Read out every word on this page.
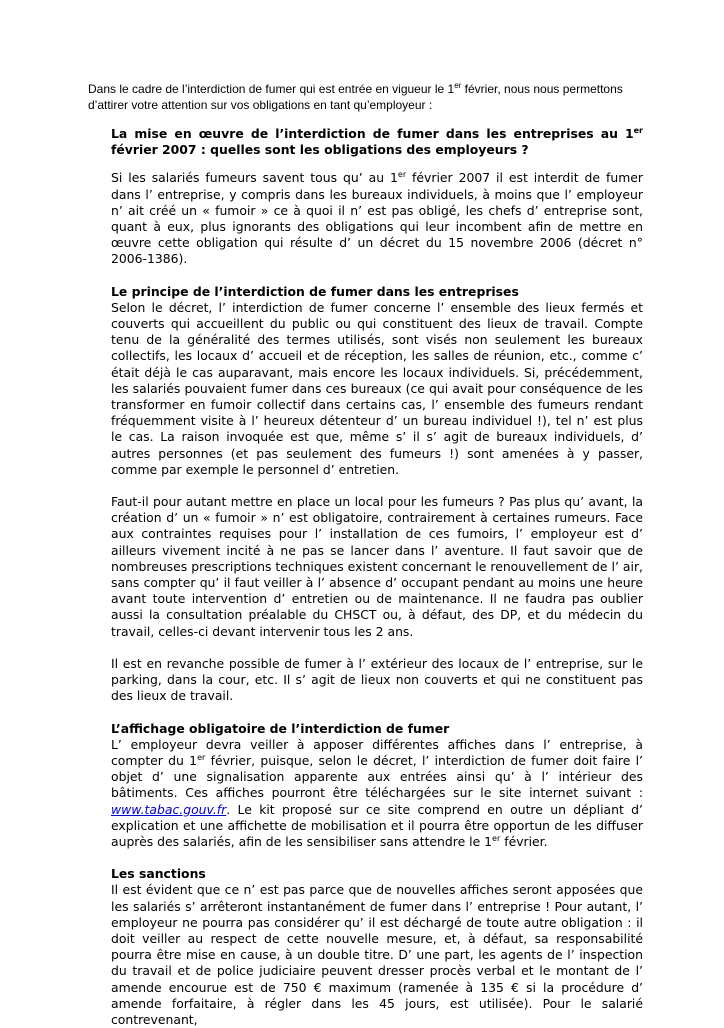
Dans le cadre de l’interdiction de fumer qui est entrée en vigueur le 1er février, nous nous permettons d’attirer votre attention sur vos obligations en tant qu’employeur :

La mise en œuvre de l’interdiction de fumer dans les entreprises au 1er février 2007 : quelles sont les obligations des employeurs ?

Si les salariés fumeurs savent tous qu’ au 1er février 2007 il est interdit de fumer dans l’ entreprise, y compris dans les bureaux individuels, à moins que l’ employeur n’ ait créé un « fumoir » ce à quoi il n’ est pas obligé, les chefs d’ entreprise sont, quant à eux, plus ignorants des obligations qui leur incombent afin de mettre en œuvre cette obligation qui résulte d’ un décret du 15 novembre 2006 (décret n° 2006-1386).

Le principe de l’interdiction de fumer dans les entreprises

Selon le décret, l’ interdiction de fumer concerne l’ ensemble des lieux fermés et couverts qui accueillent du public ou qui constituent des lieux de travail. Compte tenu de la généralité des termes utilisés, sont visés non seulement les bureaux collectifs, les locaux d’ accueil et de réception, les salles de réunion, etc., comme c’ était déjà le cas auparavant, mais encore les locaux individuels. Si, précédemment, les salariés pouvaient fumer dans ces bureaux (ce qui avait pour conséquence de les transformer en fumoir collectif dans certains cas, l’ ensemble des fumeurs rendant fréquemment visite à l’ heureux détenteur d’ un bureau individuel !), tel n’ est plus le cas. La raison invoquée est que, même s’ il s’ agit de bureaux individuels, d’ autres personnes (et pas seulement des fumeurs !) sont amenées à y passer, comme par exemple le personnel d’ entretien.

Faut-il pour autant mettre en place un local pour les fumeurs ? Pas plus qu’ avant, la création d’ un « fumoir » n’ est obligatoire, contrairement à certaines rumeurs. Face aux contraintes requises pour l’ installation de ces fumoirs, l’ employeur est d’ ailleurs vivement incité à ne pas se lancer dans l’ aventure. Il faut savoir que de nombreuses prescriptions techniques existent concernant le renouvellement de l’ air, sans compter qu’ il faut veiller à l’ absence d’ occupant pendant au moins une heure avant toute intervention d’ entretien ou de maintenance. Il ne faudra pas oublier aussi la consultation préalable du CHSCT ou, à défaut, des DP, et du médecin du travail, celles-ci devant intervenir tous les 2 ans.

Il est en revanche possible de fumer à l’ extérieur des locaux de l’ entreprise, sur le parking, dans la cour, etc. Il s’ agit de lieux non couverts et qui ne constituent pas des lieux de travail.

L’affichage obligatoire de l’interdiction de fumer

L’ employeur devra veiller à apposer différentes affiches dans l’ entreprise, à compter du 1er février, puisque, selon le décret, l’ interdiction de fumer doit faire l’ objet d’ une signalisation apparente aux entrées ainsi qu’ à l’ intérieur des bâtiments. Ces affiches pourront être téléchargées sur le site internet suivant : www.tabac.gouv.fr. Le kit proposé sur ce site comprend en outre un dépliant d’ explication et une affichette de mobilisation et il pourra être opportun de les diffuser auprès des salariés, afin de les sensibiliser sans attendre le 1er février.

Les sanctions

Il est évident que ce n’ est pas parce que de nouvelles affiches seront apposées que les salariés s’ arrêteront instantanément de fumer dans l’ entreprise ! Pour autant, l’ employeur ne pourra pas considérer qu’ il est déchargé de toute autre obligation : il doit veiller au respect de cette nouvelle mesure, et, à défaut, sa responsabilité pourra être mise en cause, à un double titre. D’ une part, les agents de l’ inspection du travail et de police judiciaire peuvent dresser procès verbal et le montant de l’ amende encourue est de 750 € maximum (ramenée à 135 € si la procédure d’ amende forfaitaire, à régler dans les 45 jours, est utilisée). Pour le salarié contrevenant,
